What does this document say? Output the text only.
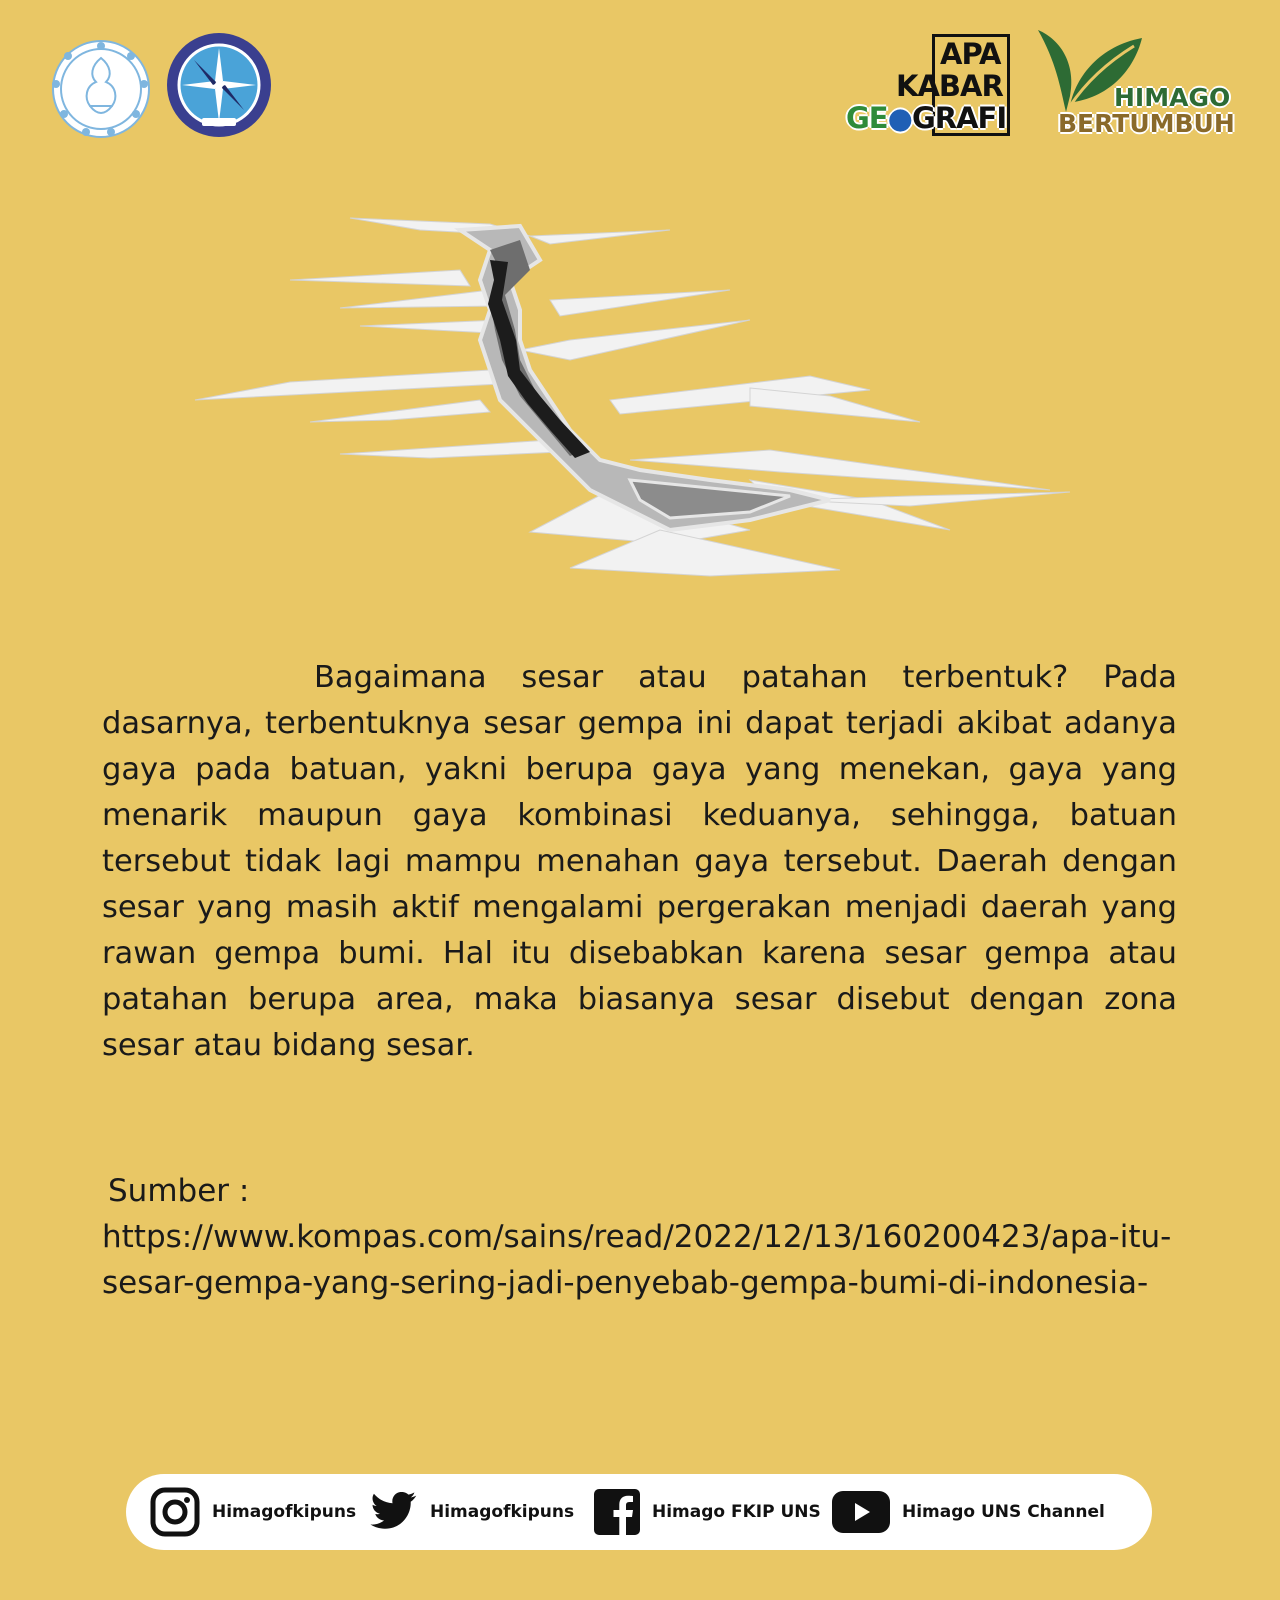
APA
KABAR
GE●GRAFI
HIMAGO
BERTUMBUH

Bagaimana sesar atau patahan terbentuk? Pada dasarnya, terbentuknya sesar gempa ini dapat terjadi akibat adanya gaya pada batuan, yakni berupa gaya yang menekan, gaya yang menarik maupun gaya kombinasi keduanya, sehingga, batuan tersebut tidak lagi mampu menahan gaya tersebut. Daerah dengan sesar yang masih aktif mengalami pergerakan menjadi daerah yang rawan gempa bumi. Hal itu disebabkan karena sesar gempa atau patahan berupa area, maka biasanya sesar disebut dengan zona sesar atau bidang sesar.

Sumber :

https://www.kompas.com/sains/read/2022/12/13/160200423/apa-itu-sesar-gempa-yang-sering-jadi-penyebab-gempa-bumi-di-indonesia-

Himagofkipuns	Himagofkipuns	Himago FKIP UNS	Himago UNS Channel
